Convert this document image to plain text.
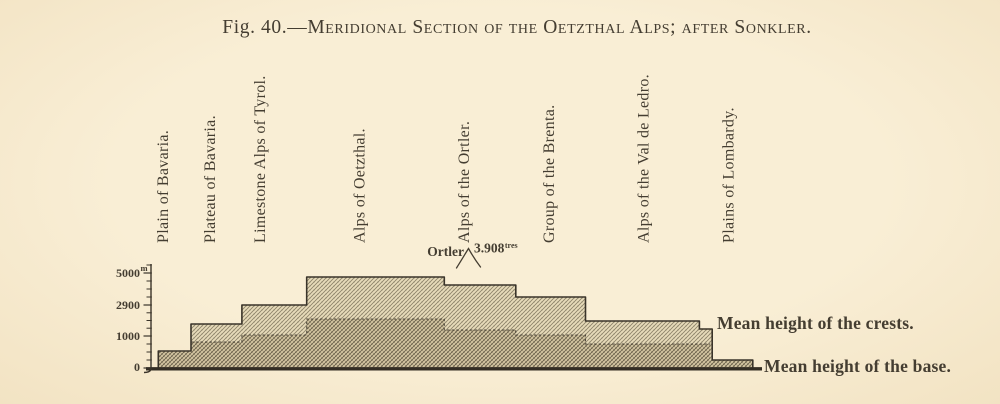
Fig. 40.—Meridional Section of the Oetzthal Alps; after Sonkler.
5000
2900
1000
0
m
Plain of Bavaria. Plateau of Bavaria. Limestone Alps of Tyrol.	Alps of Oetzthal.	Alps of the Ortler.	Group of the Brenta.	Alps of the Val de Ledro.	Plains of Lombardy.
Ortler $3.908^{tres}$
Mean height of the crests.
Mean height of the base.
